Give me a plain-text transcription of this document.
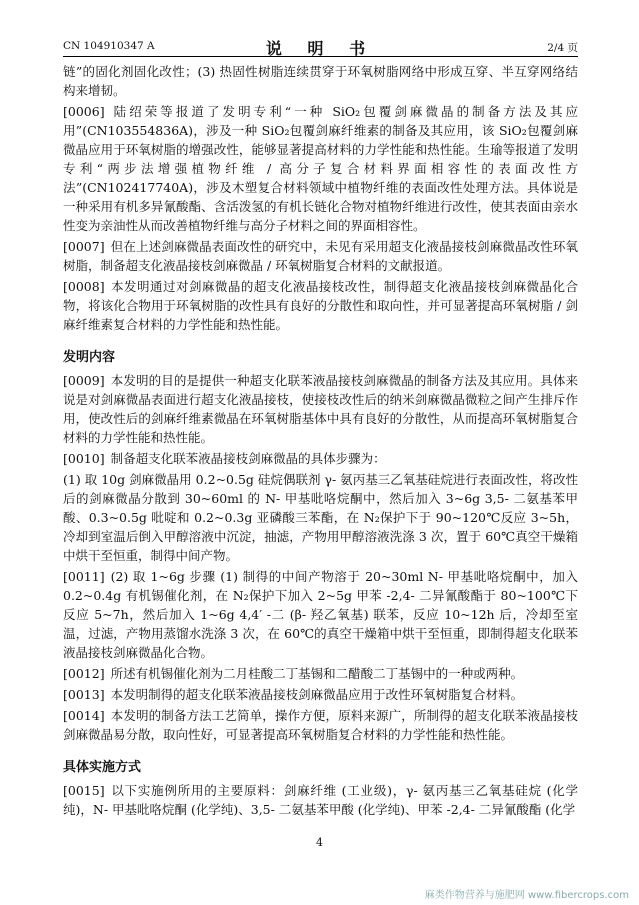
CN 104910347 A	说 明 书	2/4 页

链”的固化剂固化改性；(3) 热固性树脂连续贯穿于环氧树脂网络中形成互穿、半互穿网络结构来增韧。

[0006] 陆绍荣等报道了发明专利“一种 SiO₂包覆剑麻微晶的制备方法及其应用”(CN103554836A)，涉及一种 SiO₂包覆剑麻纤维素的制备及其应用，该 SiO₂包覆剑麻微晶应用于环氧树脂的增强改性，能够显著提高材料的力学性能和热性能。生瑜等报道了发明专利“两步法增强植物纤维 / 高分子复合材料界面相容性的表面改性方法”(CN102417740A)，涉及木塑复合材料领域中植物纤维的表面改性处理方法。具体说是一种采用有机多异氰酸酯、含活泼氢的有机长链化合物对植物纤维进行改性，使其表面由亲水性变为亲油性从而改善植物纤维与高分子材料之间的界面相容性。

[0007] 但在上述剑麻微晶表面改性的研究中，未见有采用超支化液晶接枝剑麻微晶改性环氧树脂，制备超支化液晶接枝剑麻微晶 / 环氧树脂复合材料的文献报道。

[0008] 本发明通过对剑麻微晶的超支化液晶接枝改性，制得超支化液晶接枝剑麻微晶化合物，将该化合物用于环氧树脂的改性具有良好的分散性和取向性，并可显著提高环氧树脂 / 剑麻纤维素复合材料的力学性能和热性能。

发明内容

[0009] 本发明的目的是提供一种超支化联苯液晶接枝剑麻微晶的制备方法及其应用。具体来说是对剑麻微晶表面进行超支化液晶接枝，使接枝改性后的纳米剑麻微晶微粒之间产生排斥作用，使改性后的剑麻纤维素微晶在环氧树脂基体中具有良好的分散性，从而提高环氧树脂复合材料的力学性能和热性能。

[0010] 制备超支化联苯液晶接枝剑麻微晶的具体步骤为：

(1) 取 10g 剑麻微晶用 0.2~0.5g 硅烷偶联剂 γ- 氨丙基三乙氧基硅烷进行表面改性，将改性后的剑麻微晶分散到 30~60ml 的 N- 甲基吡咯烷酮中，然后加入 3~6g 3,5- 二氨基苯甲酸、0.3~0.5g 吡啶和 0.2~0.3g 亚磷酸三苯酯，在 N₂保护下于 90~120℃反应 3~5h，冷却到室温后倒入甲醇溶液中沉淀，抽滤，产物用甲醇溶液洗涤 3 次，置于 60℃真空干燥箱中烘干至恒重，制得中间产物。

[0011] (2) 取 1~6g 步骤 (1) 制得的中间产物溶于 20~30ml N- 甲基吡咯烷酮中，加入 0.2~0.4g 有机锡催化剂，在 N₂保护下加入 2~5g 甲苯 -2,4- 二异氰酸酯于 80~100℃下反应 5~7h，然后加入 1~6g 4,4′ -二 (β- 羟乙氧基) 联苯，反应 10~12h 后，冷却至室温，过滤，产物用蒸馏水洗涤 3 次，在 60℃的真空干燥箱中烘干至恒重，即制得超支化联苯液晶接枝剑麻微晶化合物。

[0012] 所述有机锡催化剂为二月桂酸二丁基锡和二醋酸二丁基锡中的一种或两种。

[0013] 本发明制得的超支化联苯液晶接枝剑麻微晶应用于改性环氧树脂复合材料。

[0014] 本发明的制备方法工艺简单，操作方便，原料来源广，所制得的超支化联苯液晶接枝剑麻微晶易分散，取向性好，可显著提高环氧树脂复合材料的力学性能和热性能。

具体实施方式

[0015] 以下实施例所用的主要原料：剑麻纤维 (工业级)，γ- 氨丙基三乙氧基硅烷 (化学纯)，N- 甲基吡咯烷酮 (化学纯)、3,5- 二氨基苯甲酸 (化学纯)、甲苯 -2,4- 二异氰酸酯 (化学

4
麻类作物营养与施肥网 www.fibercrops.com
